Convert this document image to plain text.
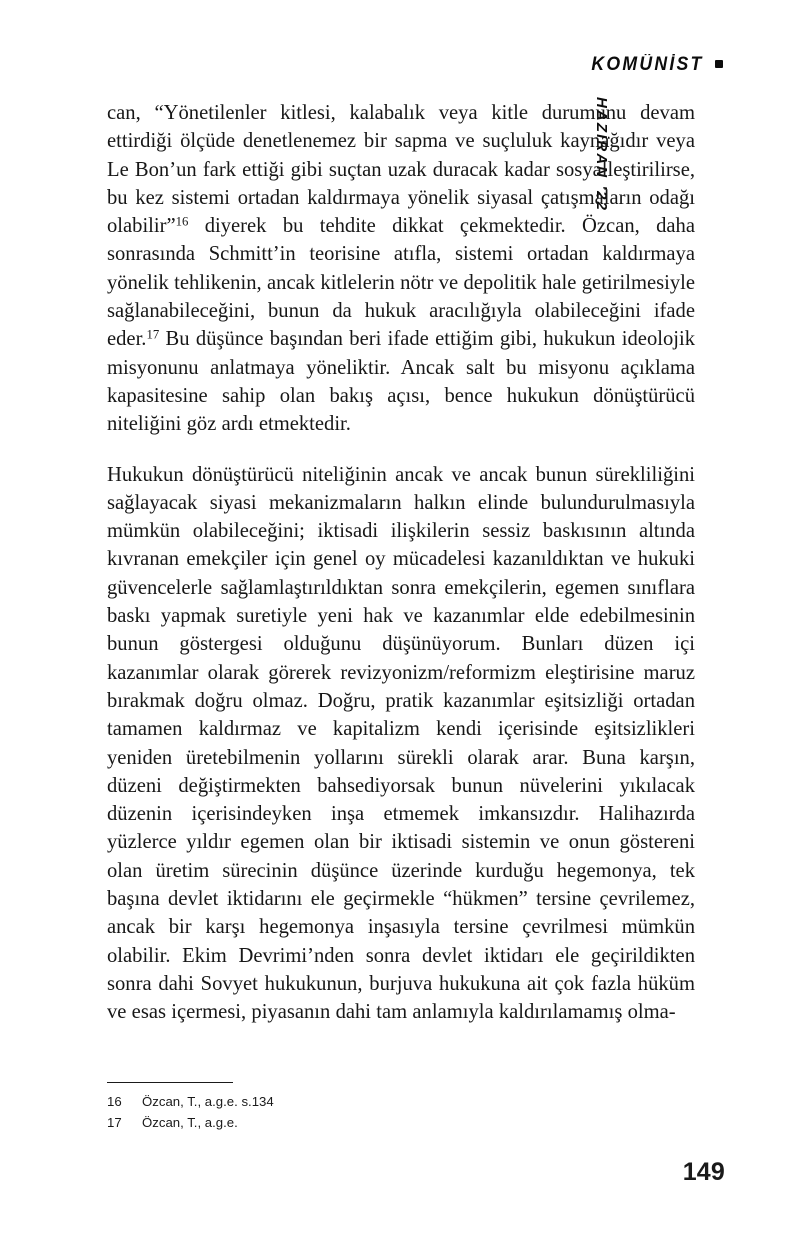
KOMÜNİST
HAZİRAN '22

can, “Yönetilenler kitlesi, kalabalık veya kitle durumunu devam ettirdiği ölçüde denetlenemez bir sapma ve suçluluk kaynağıdır veya Le Bon’un fark ettiği gibi suçtan uzak duracak kadar sosyalleştirilirse, bu kez sistemi ortadan kaldırmaya yönelik siyasal çatışmaların odağı olabilir”$^{16}$ diyerek bu tehdite dikkat çekmektedir. Özcan, daha sonrasında Schmitt’in teorisine atıfla, sistemi ortadan kaldırmaya yönelik tehlikenin, ancak kitlelerin nötr ve depolitik hale getirilmesiyle sağlanabileceğini, bunun da hukuk aracılığıyla olabileceğini ifade eder.$^{17}$ Bu düşünce başından beri ifade ettiğim gibi, hukukun ideolojik misyonunu anlatmaya yöneliktir. Ancak salt bu misyonu açıklama kapasitesine sahip olan bakış açısı, bence hukukun dönüştürücü niteliğini göz ardı etmektedir.

Hukukun dönüştürücü niteliğinin ancak ve ancak bunun sürekliliğini sağlayacak siyasi mekanizmaların halkın elinde bulundurulmasıyla mümkün olabileceğini; iktisadi ilişkilerin sessiz baskısının altında kıvranan emekçiler için genel oy mücadelesi kazanıldıktan ve hukuki güvencelerle sağlamlaştırıldıktan sonra emekçilerin, egemen sınıflara baskı yapmak suretiyle yeni hak ve kazanımlar elde edebilmesinin bunun göstergesi olduğunu düşünüyorum. Bunları düzen içi kazanımlar olarak görerek revizyonizm/reformizm eleştirisine maruz bırakmak doğru olmaz. Doğru, pratik kazanımlar eşitsizliği ortadan tamamen kaldırmaz ve kapitalizm kendi içerisinde eşitsizlikleri yeniden üretebilmenin yollarını sürekli olarak arar. Buna karşın, düzeni değiştirmekten bahsediyorsak bunun nüvelerini yıkılacak düzenin içerisindeyken inşa etmemek imkansızdır. Halihazırda yüzlerce yıldır egemen olan bir iktisadi sistemin ve onun göstereni olan üretim sürecinin düşünce üzerinde kurduğu hegemonya, tek başına devlet iktidarını ele geçirmekle “hükmen” tersine çevrilemez, ancak bir karşı hegemonya inşasıyla tersine çevrilmesi mümkün olabilir. Ekim Devrimi’nden sonra devlet iktidarı ele geçirildikten sonra dahi Sovyet hukukunun, burjuva hukukuna ait çok fazla hüküm ve esas içermesi, piyasanın dahi tam anlamıyla kaldırılamamış olma-

16	Özcan, T., a.g.e. s.134
17	Özcan, T., a.g.e.
149
